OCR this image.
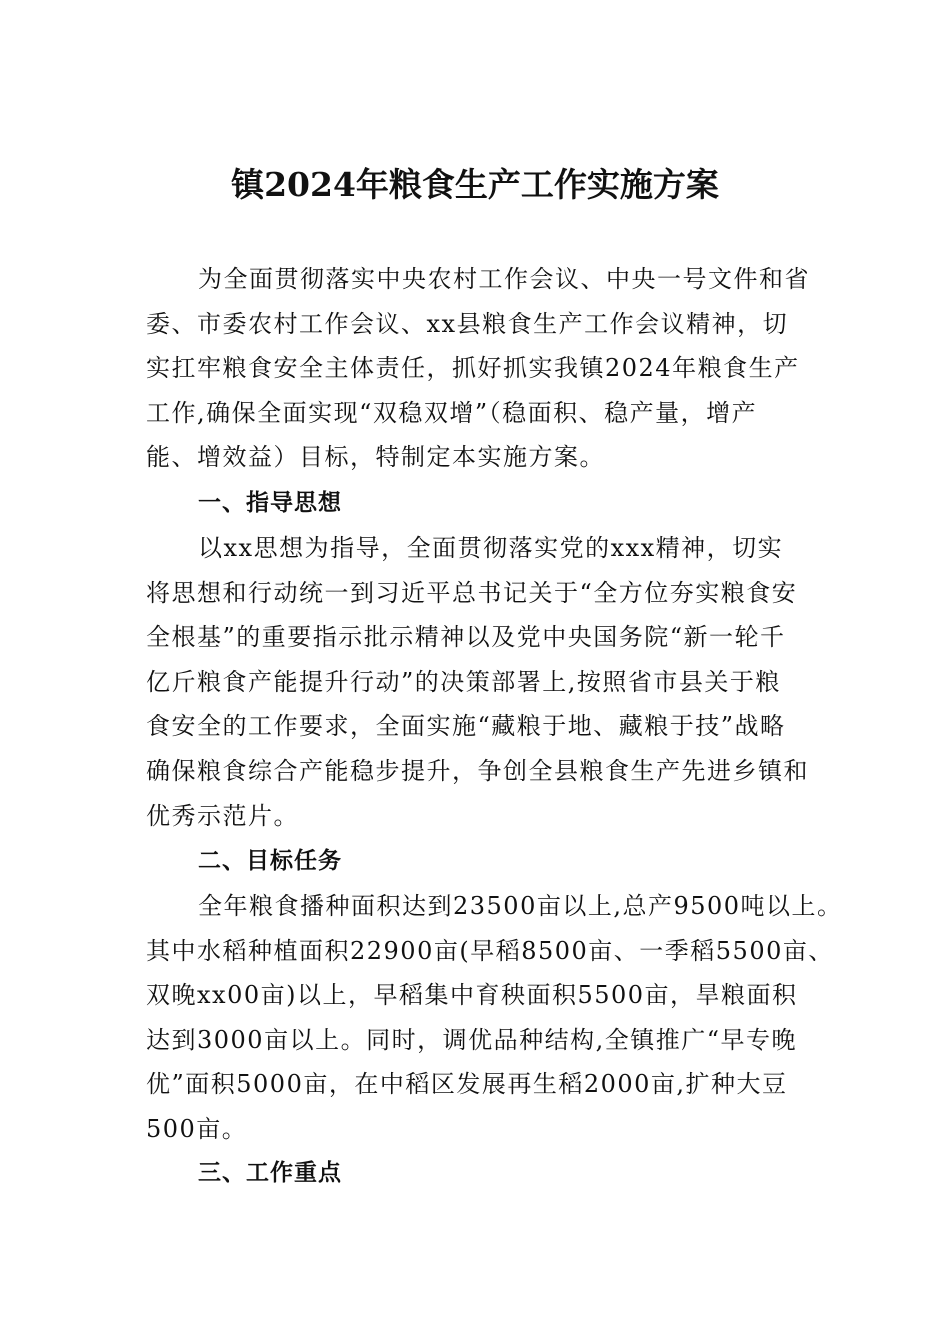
镇2024年粮食生产工作实施方案

为全面贯彻落实中央农村工作会议、中央一号文件和省
委、市委农村工作会议、xx县粮食生产工作会议精神，切
实扛牢粮食安全主体责任，抓好抓实我镇2024年粮食生产
工作,确保全面实现“双稳双增”（稳面积、稳产量，增产
能、增效益）目标，特制定本实施方案。

一、指导思想

以xx思想为指导，全面贯彻落实党的xxx精神，切实
将思想和行动统一到习近平总书记关于“全方位夯实粮食安
全根基”的重要指示批示精神以及党中央国务院“新一轮千
亿斤粮食产能提升行动”的决策部署上,按照省市县关于粮
食安全的工作要求，全面实施“藏粮于地、藏粮于技”战略
确保粮食综合产能稳步提升，争创全县粮食生产先进乡镇和
优秀示范片。

二、目标任务

全年粮食播种面积达到23500亩以上,总产9500吨以上。
其中水稻种植面积22900亩(早稻8500亩、一季稻5500亩、
双晚xx00亩)以上，早稻集中育秧面积5500亩，旱粮面积
达到3000亩以上。同时，调优品种结构,全镇推广“早专晚
优”面积5000亩，在中稻区发展再生稻2000亩,扩种大豆
500亩。

三、工作重点
